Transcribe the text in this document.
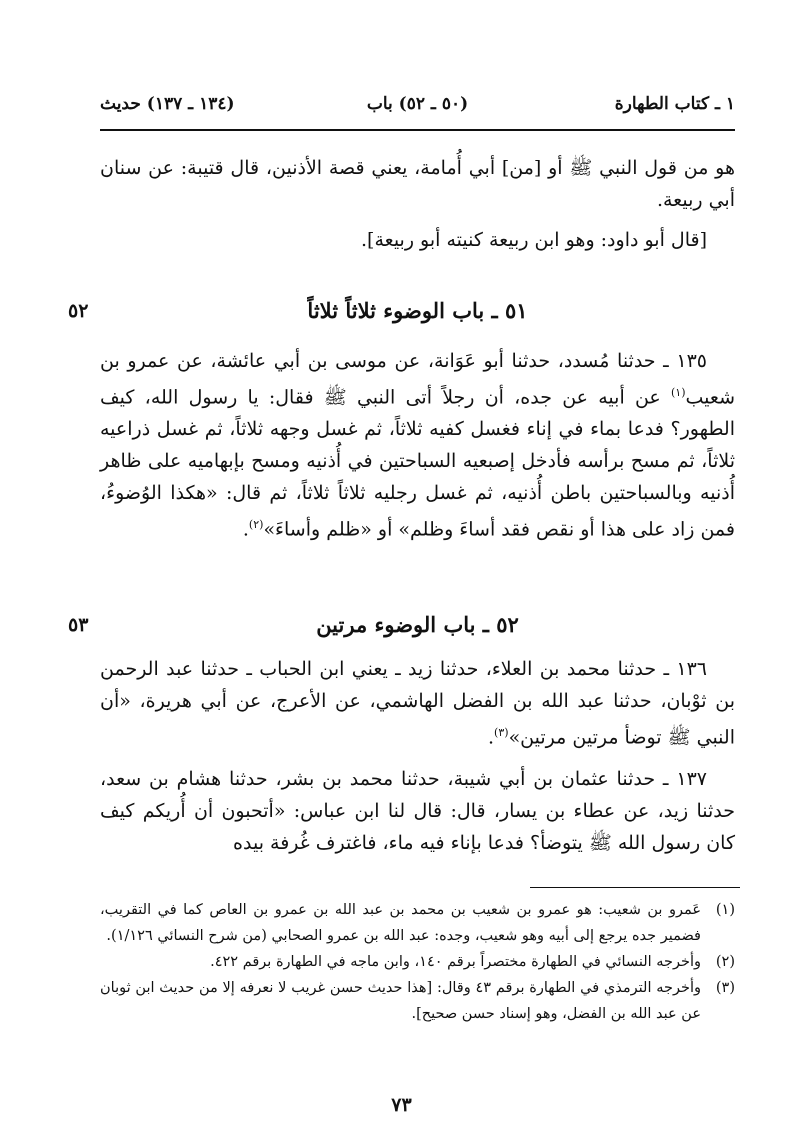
١ ـ كتاب الطهارة
(٥٠ ـ ٥٢) باب
(١٣٤ ـ ١٣٧) حديث

هو من قول النبي ﷺ أو [من] أبي أُمامة، يعني قصة الأذنين، قال قتيبة: عن سنان أبي ربيعة.

[قال أبو داود: وهو ابن ربيعة كنيته أبو ربيعة].

٥١ ـ باب الوضوء ثلاثاً ثلاثاً
٥٢

١٣٥ ـ حدثنا مُسدد، حدثنا أبو عَوَانة، عن موسى بن أبي عائشة، عن عمرو بن شعيب$^{(١)}$ عن أبيه عن جده، أن رجلاً أتى النبي ﷺ فقال: يا رسول الله، كيف الطهور؟ فدعا بماء في إناء فغسل كفيه ثلاثاً، ثم غسل وجهه ثلاثاً، ثم غسل ذراعيه ثلاثاً، ثم مسح برأسه فأدخل إصبعيه السباحتين في أُذنيه ومسح بإبهاميه على ظاهر أُذنيه وبالسباحتين باطن أُذنيه، ثم غسل رجليه ثلاثاً ثلاثاً، ثم قال: «هكذا الوُضوءُ، فمن زاد على هذا أو نقص فقد أساءَ وظلم» أو «ظلم وأساءَ»$^{(٢)}$.

٥٢ ـ باب الوضوء مرتين
٥٣

١٣٦ ـ حدثنا محمد بن العلاء، حدثنا زيد ـ يعني ابن الحباب ـ حدثنا عبد الرحمن بن ثوْبان، حدثنا عبد الله بن الفضل الهاشمي، عن الأعرج، عن أبي هريرة، «أن النبي ﷺ توضأ مرتين مرتين»$^{(٣)}$.

١٣٧ ـ حدثنا عثمان بن أبي شيبة، حدثنا محمد بن بشر، حدثنا هشام بن سعد، حدثنا زيد، عن عطاء بن يسار، قال: قال لنا ابن عباس: «أتحبون أن أُريكم كيف كان رسول الله ﷺ يتوضأ؟ فدعا بإناء فيه ماء، فاغترف غُرفة بيده

(١)
عَمرو بن شعيب: هو عمرو بن شعيب بن محمد بن عبد الله بن عمرو بن العاص كما في التقريب، فضمير جده يرجع إلى أبيه وهو شعيب، وجده: عبد الله بن عمرو الصحابي (من شرح النسائي ١/١٢٦).

(٢)
وأخرجه النسائي في الطهارة مختصراً برقم ١٤٠، وابن ماجه في الطهارة برقم ٤٢٢.

(٣)
وأخرجه الترمذي في الطهارة برقم ٤٣ وقال: [هذا حديث حسن غريب لا نعرفه إلا من حديث ابن ثوبان عن عبد الله بن الفضل، وهو إسناد حسن صحيح].

٧٣
